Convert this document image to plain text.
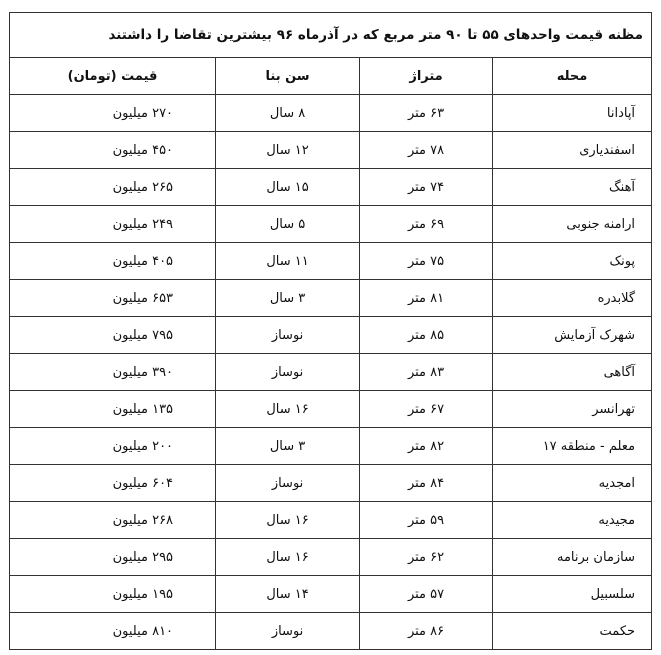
مظنه قیمت واحدهای ۵۵ تا ۹۰ متر مربع که در آذرماه ۹۶ بیشترین تقاضا را داشتند			
محله	متراژ	سن بنا	قیمت (تومان)
آپادانا	۶۳ متر	۸ سال	۲۷۰ میلیون
اسفندیاری	۷۸ متر	۱۲ سال	۴۵۰ میلیون
آهنگ	۷۴ متر	۱۵ سال	۲۶۵ میلیون
ارامنه جنوبی	۶۹ متر	۵ سال	۲۴۹ میلیون
پونک	۷۵ متر	۱۱ سال	۴۰۵ میلیون
گلابدره	۸۱ متر	۳ سال	۶۵۳ میلیون
شهرک آزمایش	۸۵ متر	نوساز	۷۹۵ میلیون
آگاهی	۸۳ متر	نوساز	۳۹۰ میلیون
تهرانسر	۶۷ متر	۱۶ سال	۱۳۵ میلیون
معلم - منطقه ۱۷	۸۲ متر	۳ سال	۲۰۰ میلیون
امجدیه	۸۴ متر	نوساز	۶۰۴ میلیون
مجیدیه	۵۹ متر	۱۶ سال	۲۶۸ میلیون
سازمان برنامه	۶۲ متر	۱۶ سال	۲۹۵ میلیون
سلسبیل	۵۷ متر	۱۴ سال	۱۹۵ میلیون
حکمت	۸۶ متر	نوساز	۸۱۰ میلیون
